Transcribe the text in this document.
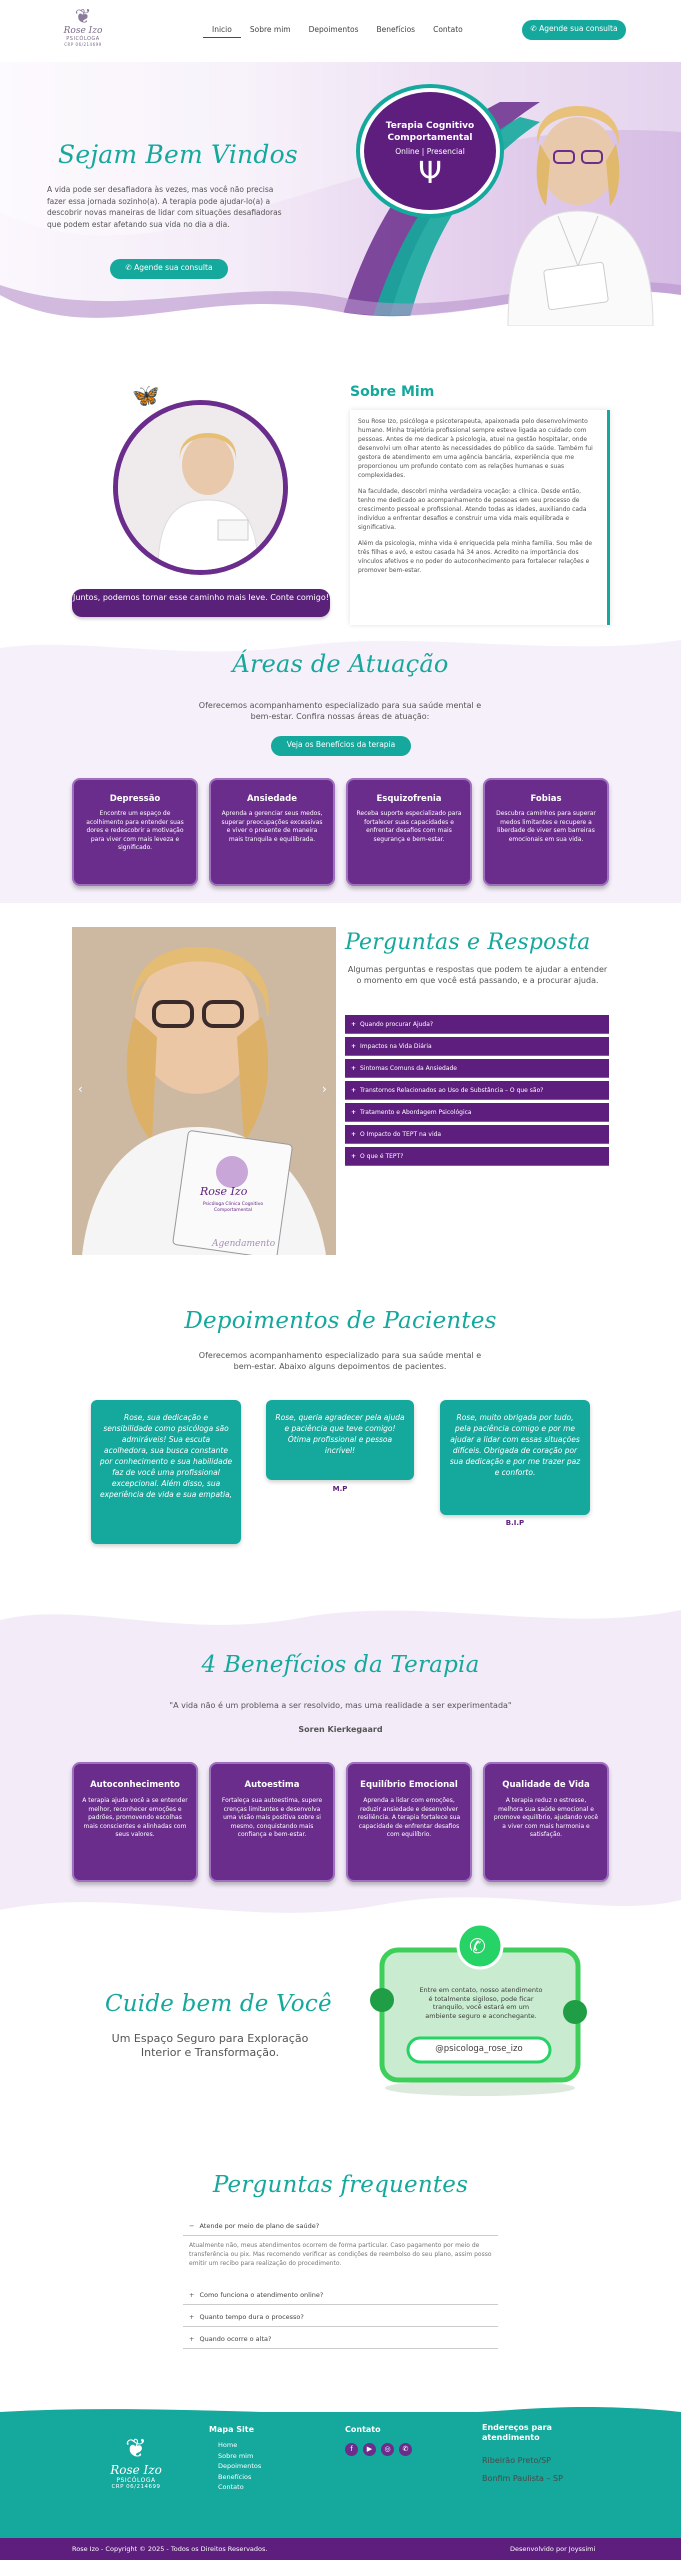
❦
Rose Izo
PSICÓLOGA
CRP 06/214699
Inicio	Sobre mim	Depoimentos	Benefícios	Contato	✆ Agende sua consulta
Sejam Bem Vindos
A vida pode ser desafiadora às vezes, mas você não precisa fazer essa jornada sozinho(a). A terapia pode ajudar-lo(a) a descobrir novas maneiras de lidar com situações desafiadoras que podem estar afetando sua vida no dia a dia.
✆ Agende sua consulta
Terapia Cognitivo Comportamental
Online | Presencial
Ψ
🦋
Juntos, podemos tornar esse caminho mais leve. Conte comigo!
Sobre Mim

Sou Rose Izo, psicóloga e psicoterapeuta, apaixonada pelo desenvolvimento humano. Minha trajetória profissional sempre esteve ligada ao cuidado com pessoas. Antes de me dedicar à psicologia, atuei na gestão hospitalar, onde desenvolvi um olhar atento às necessidades do público da saúde. Também fui gestora de atendimento em uma agência bancária, experiência que me proporcionou um profundo contato com as relações humanas e suas complexidades.

Na faculdade, descobri minha verdadeira vocação: a clínica. Desde então, tenho me dedicado ao acompanhamento de pessoas em seu processo de crescimento pessoal e profissional. Atendo todas as idades, auxiliando cada indivíduo a enfrentar desafios e construir uma vida mais equilibrada e significativa.

Além da psicologia, minha vida é enriquecida pela minha família. Sou mãe de três filhas e avó, e estou casada há 34 anos. Acredito na importância dos vínculos afetivos e no poder do autoconhecimento para fortalecer relações e promover bem-estar.

Áreas de Atuação
Oferecemos acompanhamento especializado para sua saúde mental e bem-estar. Confira nossas áreas de atuação:
Veja os Benefícios da terapia
Depressão
Encontre um espaço de acolhimento para entender suas dores e redescobrir a motivação para viver com mais leveza e significado.
Ansiedade
Aprenda a gerenciar seus medos, superar preocupações excessivas e viver o presente de maneira mais tranquila e equilibrada.
Esquizofrenia
Receba suporte especializado para fortalecer suas capacidades e enfrentar desafios com mais segurança e bem-estar.
Fobias
Descubra caminhos para superar medos limitantes e recupere a liberdade de viver sem barreiras emocionais em sua vida.
Rose Izo
Psicóloga Clínica Cognitivo Comportamental
Agendamento
‹	›
Perguntas e Resposta
Algumas perguntas e respostas que podem te ajudar a entender o momento em que você está passando, e a procurar ajuda.
+ Quando procurar Ajuda?
+ Impactos na Vida Diária
+ Sintomas Comuns da Ansiedade
+ Transtornos Relacionados ao Uso de Substância – O que são?
+ Tratamento e Abordagem Psicológica
+ O Impacto do TEPT na vida
+ O que é TEPT?
Depoimentos de Pacientes
Oferecemos acompanhamento especializado para sua saúde mental e bem-estar. Abaixo alguns depoimentos de pacientes.
Rose, sua dedicação e sensibilidade como psicóloga são admiráveis! Sua escuta acolhedora, sua busca constante por conhecimento e sua habilidade faz de você uma profissional excepcional. Além disso, sua experiência de vida e sua empatia,
Rose, queria agradecer pela ajuda e paciência que teve comigo! Ótima profissional e pessoa incrível!
M.P
Rose, muito obrigada por tudo, pela paciência comigo e por me ajudar a lidar com essas situações difíceis. Obrigada de coração por sua dedicação e por me trazer paz e conforto.
B.I.P
4 Benefícios da Terapia
"A vida não é um problema a ser resolvido, mas uma realidade a ser experimentada"
Soren Kierkegaard
Autoconhecimento
A terapia ajuda você a se entender melhor, reconhecer emoções e padrões, promovendo escolhas mais conscientes e alinhadas com seus valores.
Autoestima
Fortaleça sua autoestima, supere crenças limitantes e desenvolva uma visão mais positiva sobre si mesmo, conquistando mais confiança e bem-estar.
Equilíbrio Emocional
Aprenda a lidar com emoções, reduzir ansiedade e desenvolver resiliência. A terapia fortalece sua capacidade de enfrentar desafios com equilíbrio.
Qualidade de Vida
A terapia reduz o estresse, melhora sua saúde emocional e promove equilíbrio, ajudando você a viver com mais harmonia e satisfação.
Cuide bem de Você
Um Espaço Seguro para Exploração Interior e Transformação.
✆
Entre em contato, nosso atendimento é totalmente sigiloso, pode ficar tranquilo, você estará em um ambiente seguro e aconchegante.
@psicologa_rose_izo
Perguntas frequentes
− Atende por meio de plano de saúde?
Atualmente não, meus atendimentos ocorrem de forma particular. Caso pagamento por meio de transferência ou pix. Mas recomendo verificar as condições de reembolso do seu plano, assim posso emitir um recibo para realização do procedimento.
+ Como funciona o atendimento online?
+ Quanto tempo dura o processo?
+ Quando ocorre o alta?
❦
Rose Izo
PSICÓLOGA
CRP 06/214699
Mapa Site
Home
Sobre mim
Depoimentos
Benefícios
Contato
Contato
f	▶	◎	✆
Endereços para atendimento
Ribeirão Preto/SP
Bonfim Paulista – SP
Rose Izo - Copyright © 2025 - Todos os Direitos Reservados.	Desenvolvido por Joyssimi
